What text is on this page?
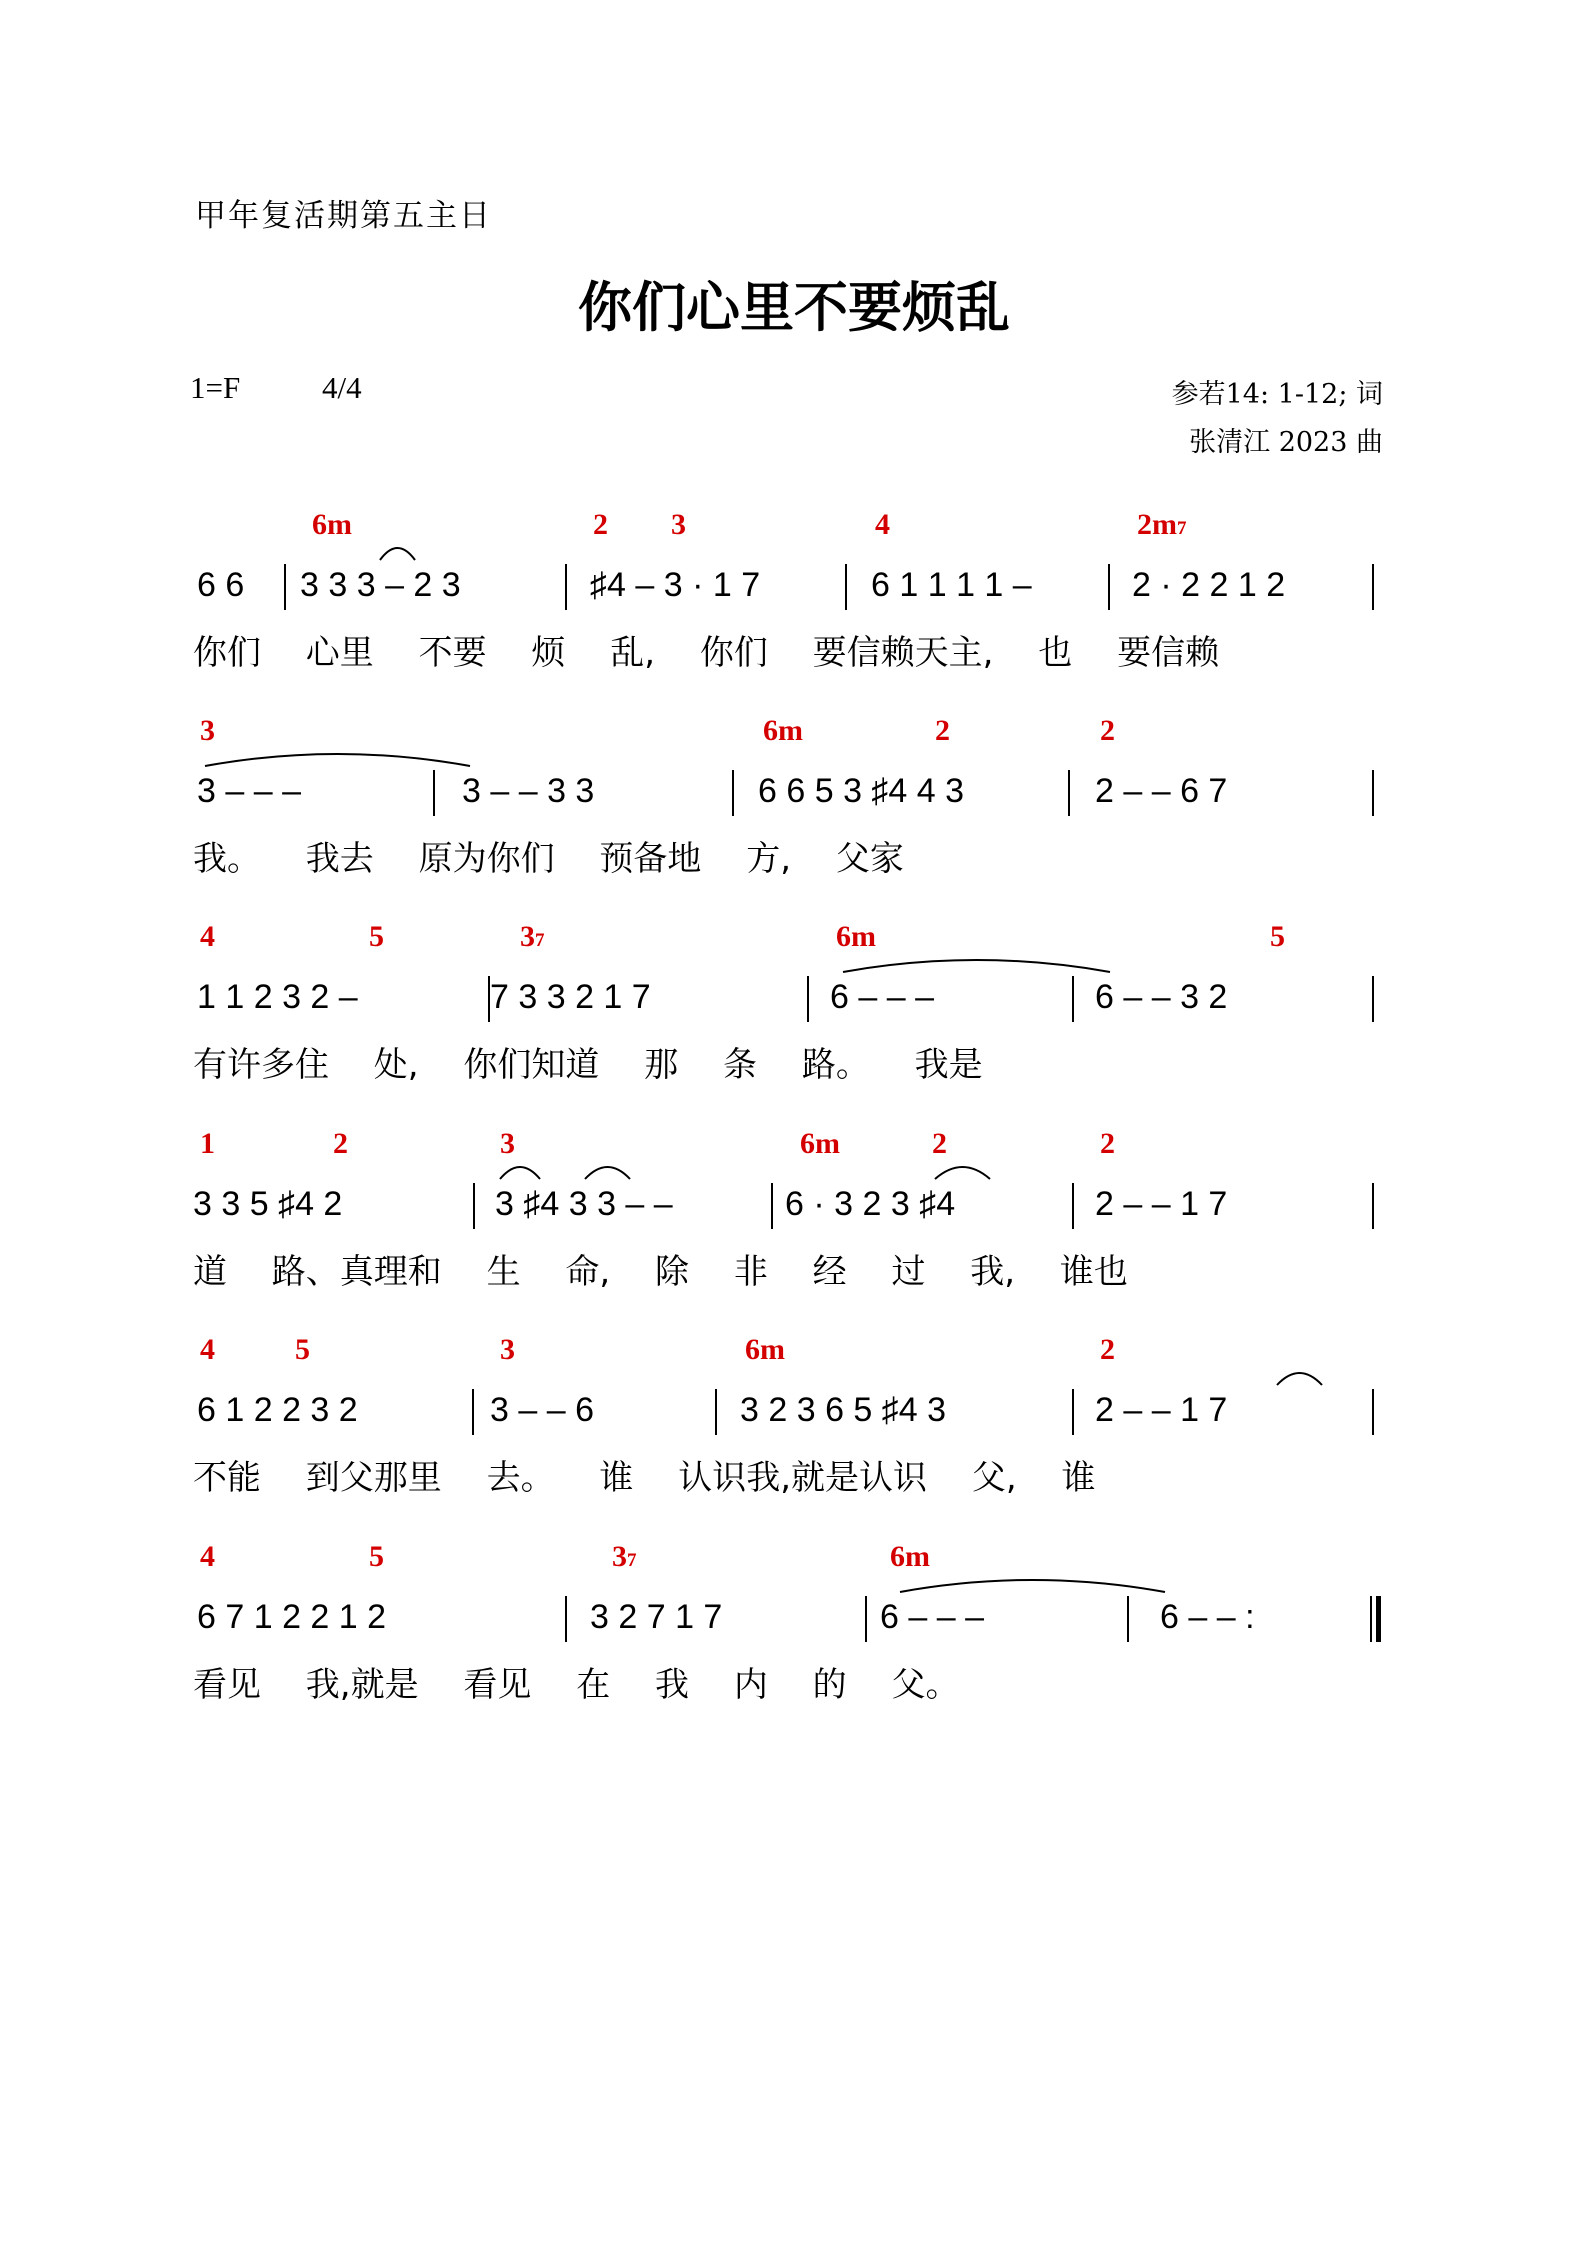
甲年复活期第五主日
你们心里不要烦乱
1=F	4/4	参若14: 1-12; 词
张清江 2023 曲
6m	2 3	4	2m7
6 6 3 3 3 – 2 3	♯4 – 3 · 1 7	6 1 1 1 1 –	2 · 2 2 1 2
你们 心里 不要 烦 乱, 你们 要信赖天主, 也 要信赖
3	6m	2	2
3 – – –	3 – – 3 3	6 6 5 3 ♯4 4 3	2 – – 6 7
我。 我去 原为你们 预备地 方, 父家
4	5	37	6m	5
1 1 2 3 2 –	7 3 3 2 1 7	6 – – –	6 – – 3 2
有许多住 处, 你们知道 那 条 路。 我是
1	2	3	6m	2	2
3 3 5 ♯4 2	3 ♯4 3 3 – –	6 · 3 2 3 ♯4	2 – – 1 7
道 路、真理和 生 命, 除 非 经 过 我, 谁也
4	5	3	6m	2
6 1 2 2 3 2	3 – – 6	3 2 3 6 5 ♯4 3	2 – – 1 7
不能 到父那里 去。 谁 认识我,就是认识 父, 谁
4	5	37	6m
6 7 1 2 2 1 2	3 2 7 1 7	6 – – –	6 – – :
看见 我,就是 看见 在 我 内 的 父。
